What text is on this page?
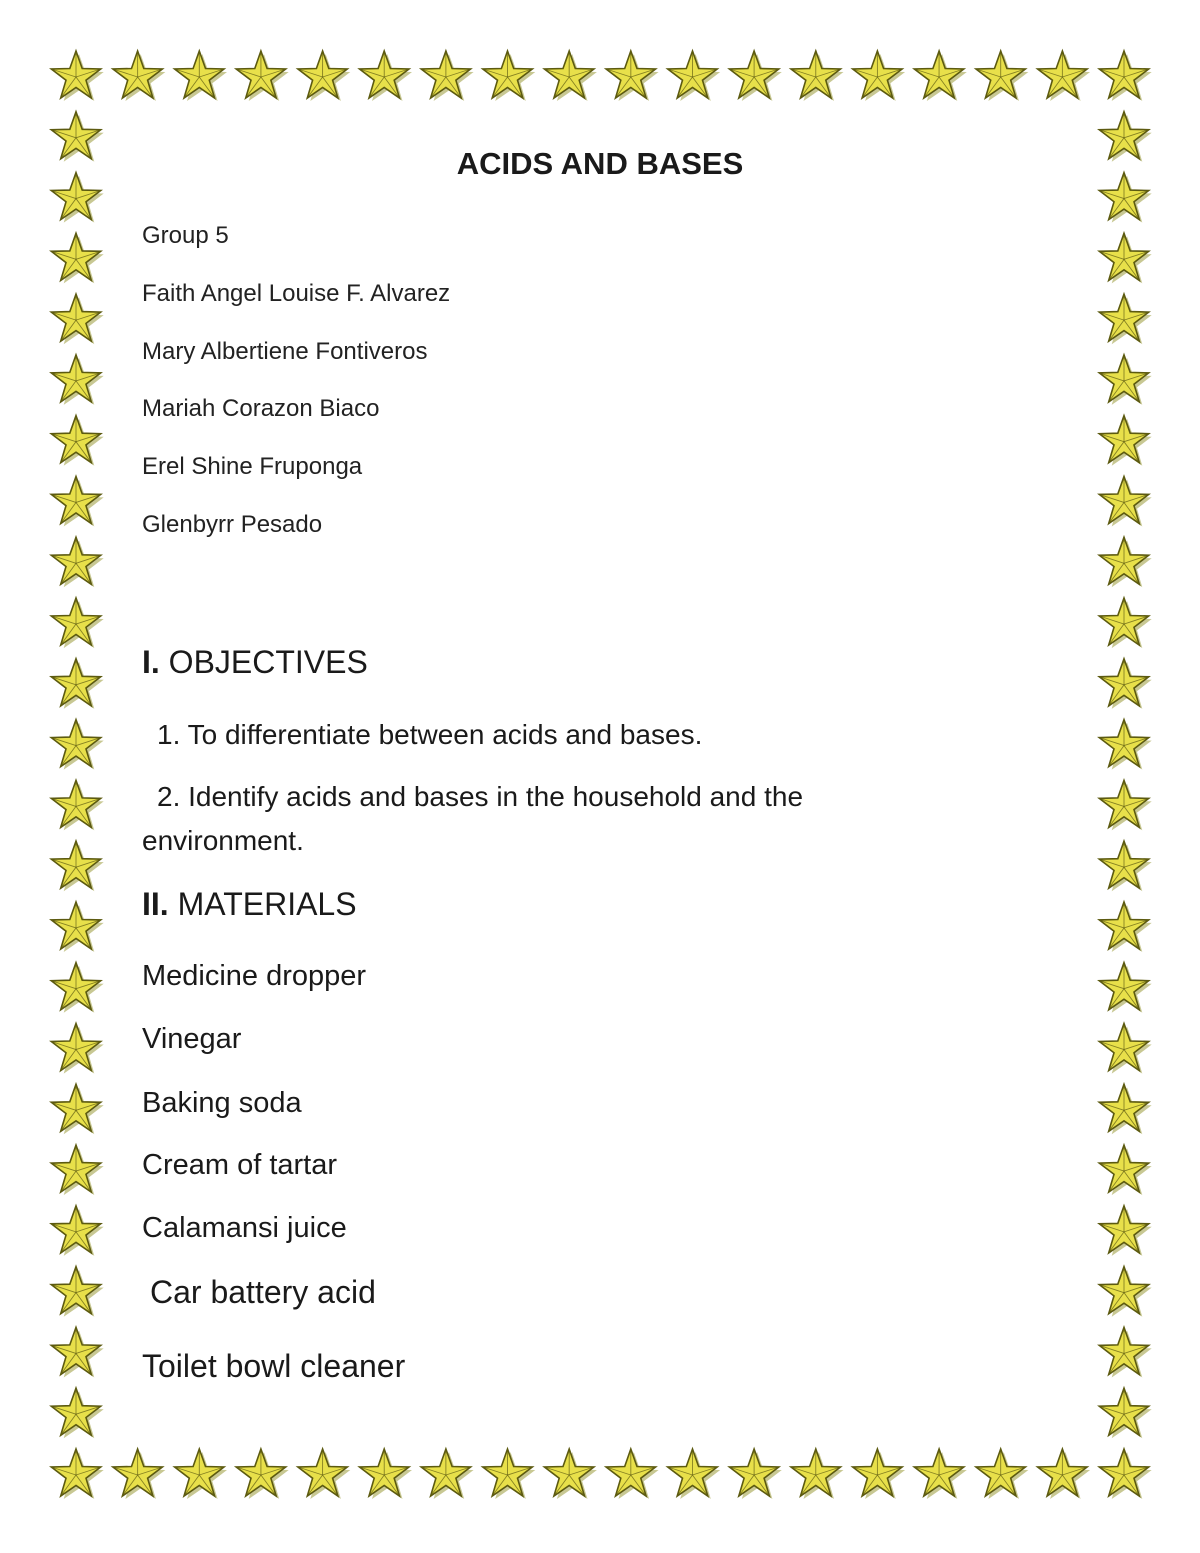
ACIDS AND BASES
Group 5
Faith Angel Louise F. Alvarez
Mary Albertiene Fontiveros
Mariah Corazon Biaco
Erel Shine Fruponga
Glenbyrr Pesado
I. OBJECTIVES
1. To differentiate between acids and bases.
2. Identify acids and bases in the household and the
environment.
II. MATERIALS
Medicine dropper
Vinegar
Baking soda
Cream of tartar
Calamansi juice
Car battery acid
Toilet bowl cleaner
